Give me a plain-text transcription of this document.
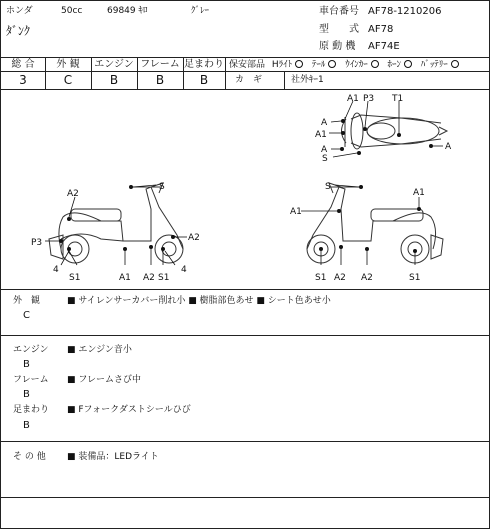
ホンダ	50cc	69849 ｷﾛ	ｸﾞﾚｰ
ﾀﾞﾝｸ
車台番号 AF78-1210206
型　　式 AF78
原 動 機 AF74E
総 合	外 観	エンジン フレーム 足まわり
3	C	B	B	B
保安部品 Hﾗｲﾄ ○ ﾃｰﾙ ○ ｳｲﾝｶｰ ○ ﾎｰﾝ ○ ﾊﾞｯﾃﾘｰ
カ　ギ	社外ｷｰ1
A1 P3 T1
A
A1
A
S
A
S
A2
P3	A2
4
S1	A1 A2 S1
4
S
A1
A1
S1 A2 A2	S1
外　観
C
■ サイレンサーカバー削れ小 ■ 樹脂部色あせ ■ シート色あせ小
エンジン
B
■ エンジン音小
フレーム
B
■ フレームさび中
足まわり
B
■ Fフォークダストシールひび
そ の 他 ■ 装備品：LEDライト
